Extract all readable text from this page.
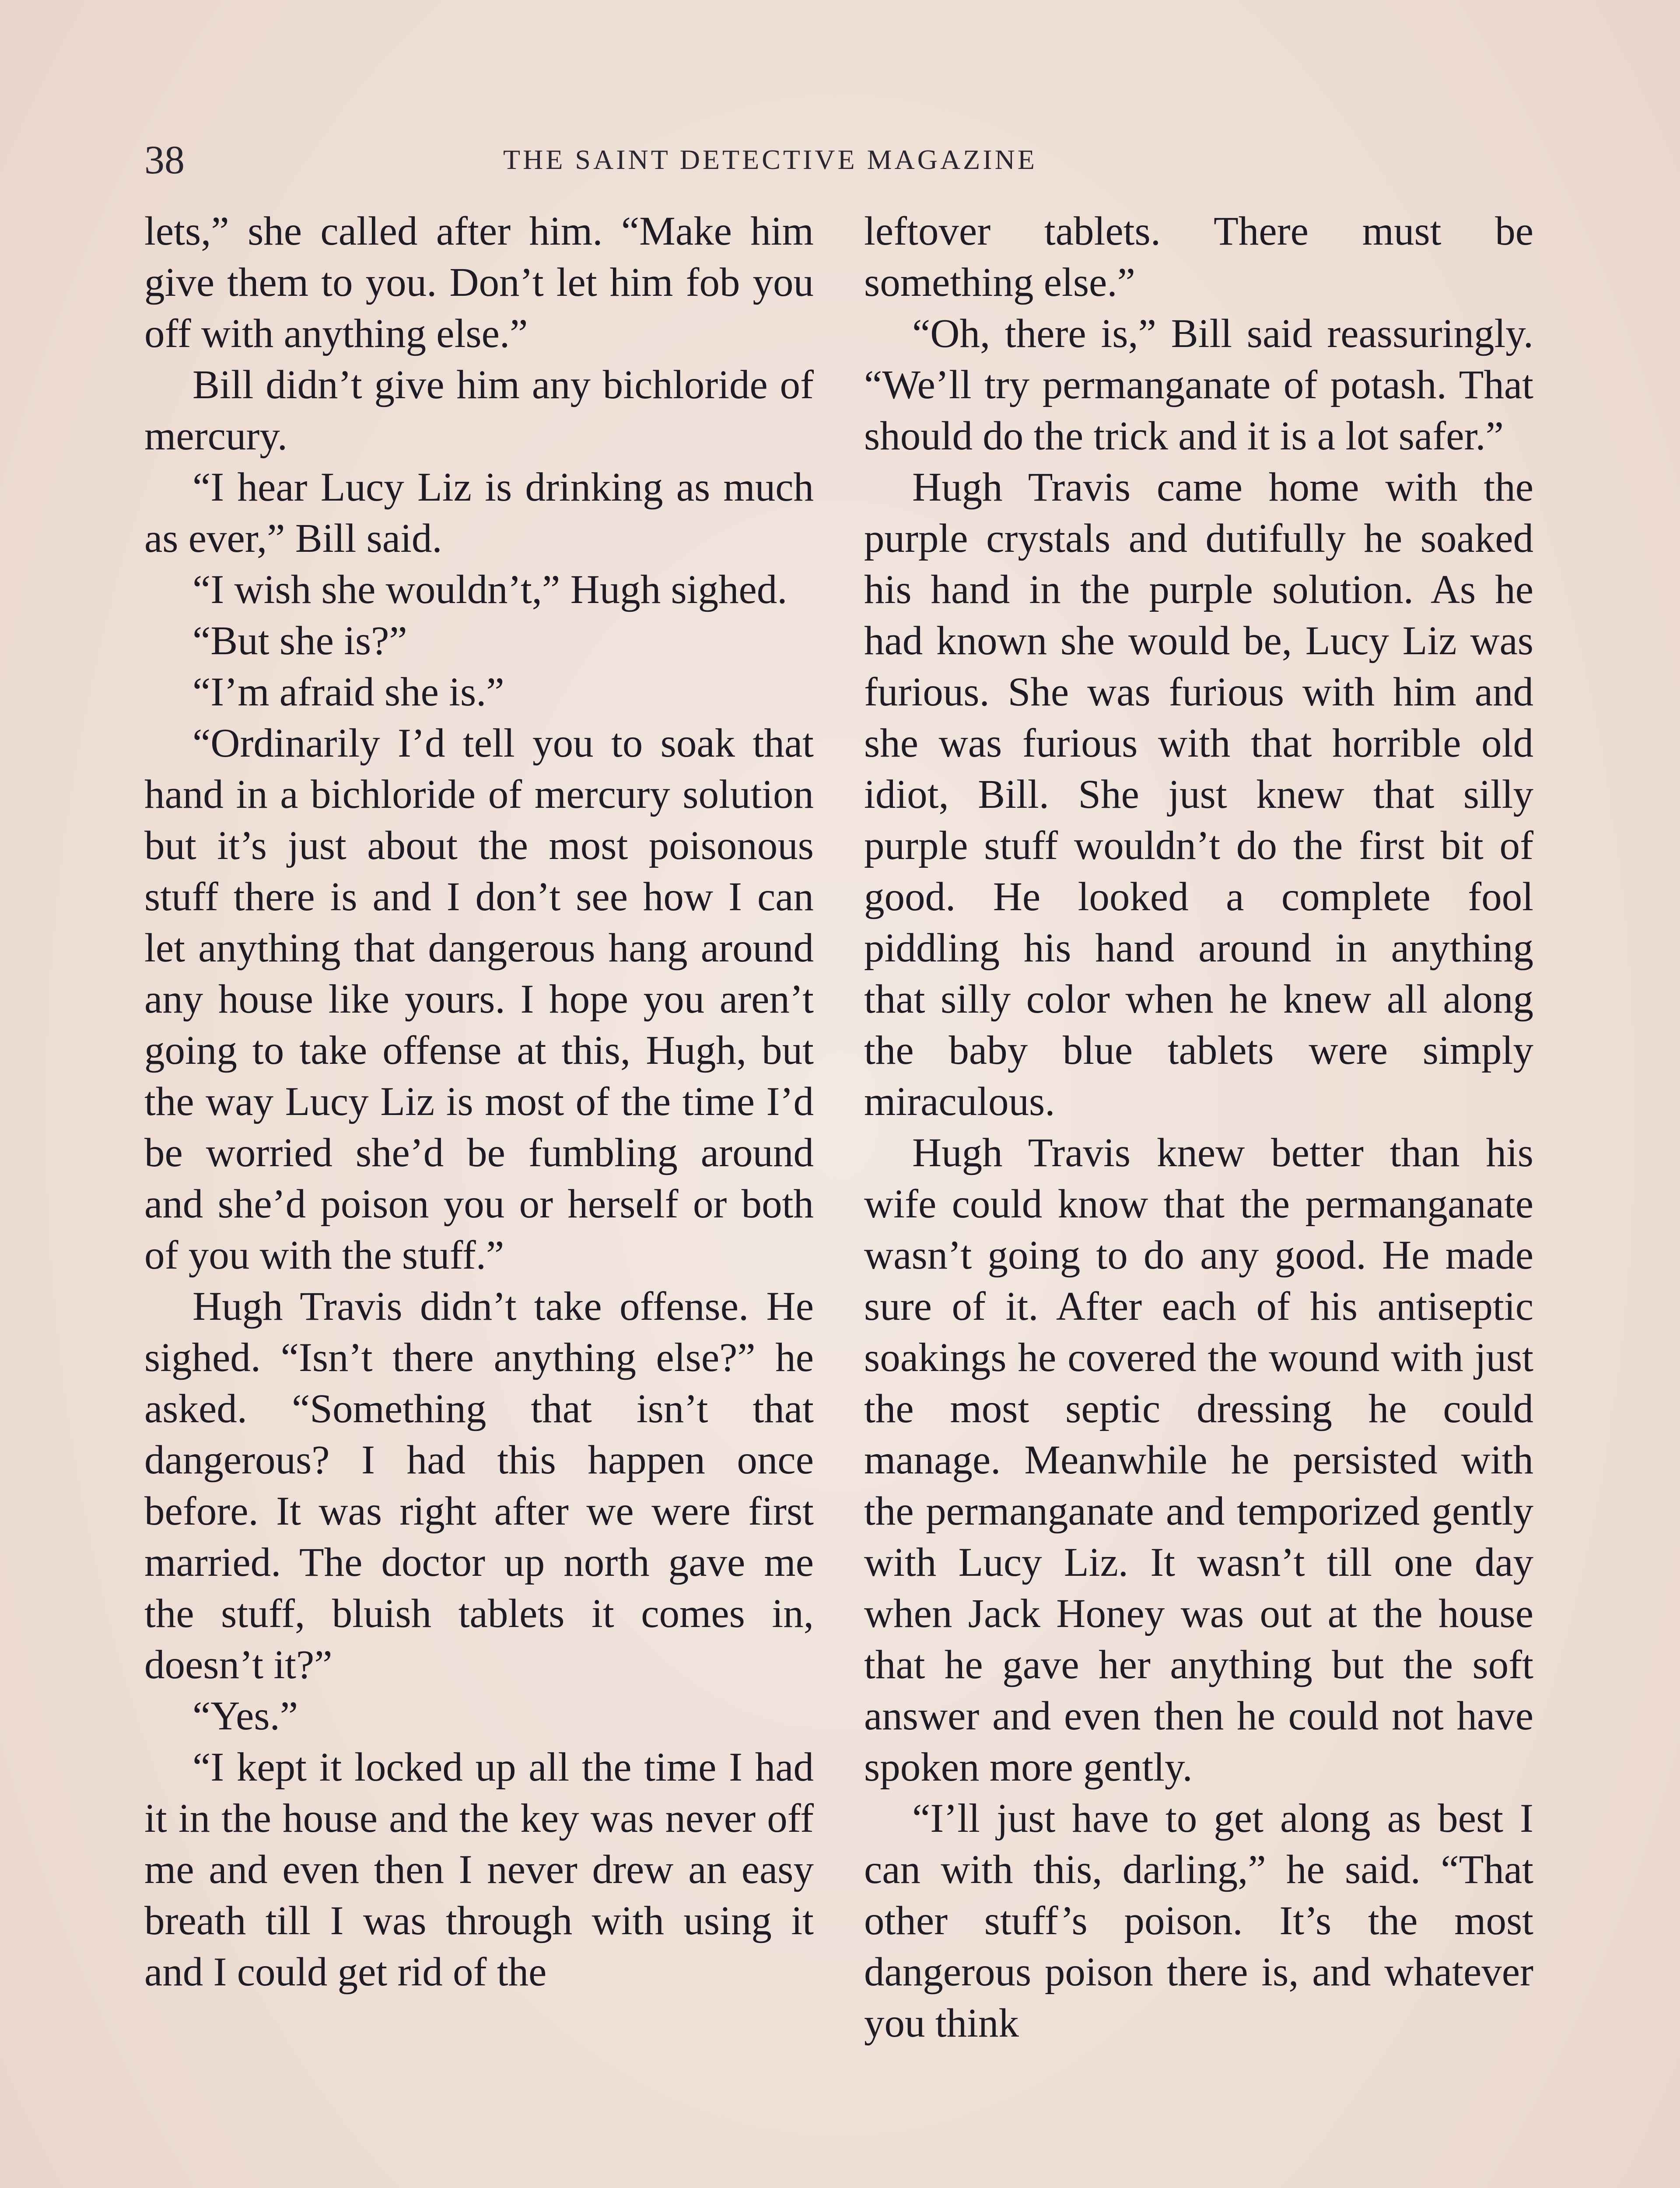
38	THE SAINT DETECTIVE MAGAZINE

lets,” she called after him. “Make him give them to you. Don’t let him fob you off with anything else.”

Bill didn’t give him any bichloride of mercury.

“I hear Lucy Liz is drinking as much as ever,” Bill said.

“I wish she wouldn’t,” Hugh sighed.

“But she is?”

“I’m afraid she is.”

“Ordinarily I’d tell you to soak that hand in a bichloride of mercury solution but it’s just about the most poisonous stuff there is and I don’t see how I can let anything that dangerous hang around any house like yours. I hope you aren’t going to take offense at this, Hugh, but the way Lucy Liz is most of the time I’d be worried she’d be fumbling around and she’d poison you or herself or both of you with the stuff.”

Hugh Travis didn’t take offense. He sighed. “Isn’t there anything else?” he asked. “Something that isn’t that dangerous? I had this happen once before. It was right after we were first married. The doctor up north gave me the stuff, bluish tablets it comes in, doesn’t it?”

“Yes.”

“I kept it locked up all the time I had it in the house and the key was never off me and even then I never drew an easy breath till I was through with using it and I could get rid of the

leftover tablets. There must be something else.”

“Oh, there is,” Bill said reassuringly. “We’ll try permanganate of potash. That should do the trick and it is a lot safer.”

Hugh Travis came home with the purple crystals and dutifully he soaked his hand in the purple solution. As he had known she would be, Lucy Liz was furious. She was furious with him and she was furious with that horrible old idiot, Bill. She just knew that silly purple stuff wouldn’t do the first bit of good. He looked a complete fool piddling his hand around in anything that silly color when he knew all along the baby blue tablets were simply miraculous.

Hugh Travis knew better than his wife could know that the permanganate wasn’t going to do any good. He made sure of it. After each of his antiseptic soakings he covered the wound with just the most septic dressing he could manage. Meanwhile he persisted with the permanganate and temporized gently with Lucy Liz. It wasn’t till one day when Jack Honey was out at the house that he gave her anything but the soft answer and even then he could not have spoken more gently.

“I’ll just have to get along as best I can with this, darling,” he said. “That other stuff’s poison. It’s the most dangerous poison there is, and whatever you think
